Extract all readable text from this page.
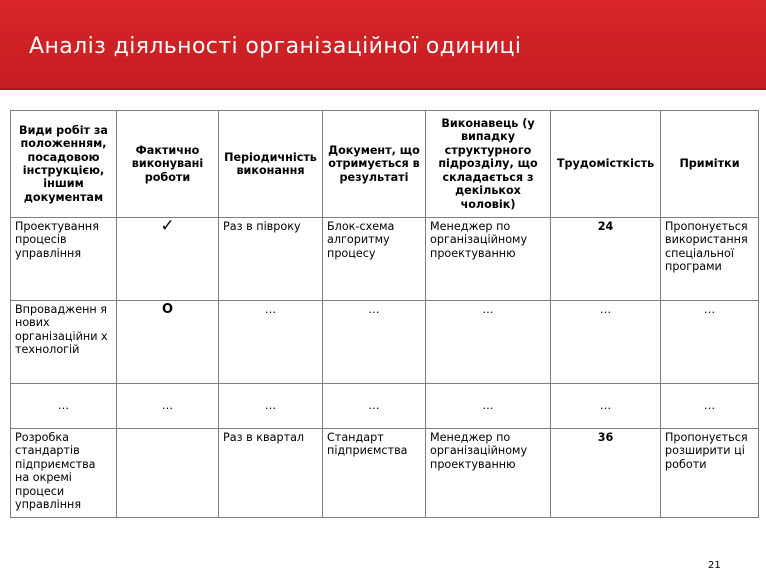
Аналіз діяльності організаційної одиниці
Види робіт за положенням, посадовою інструкцією, іншим документам	Фактично виконувані роботи	Періодичність виконання	Документ, що отримується в результаті	Виконавець (у випадку структурного підрозділу, що складається з декількох чоловік)	Трудомісткість	Примітки
Проектування процесів управління	✓	Раз в півроку	Блок-схема алгоритму процесу	Менеджер по організаційному проектуванню	24	Пропонується використання спеціальної програми
Впровадженн я нових організаційни х технологій	O	…	…	…	…	…
…	…	…	…	…	…	…
Розробка стандартів підприємства на окремі процеси управління		Раз в квартал	Стандарт підприємства	Менеджер по організаційному проектуванню	36	Пропонується розширити ці роботи
21
